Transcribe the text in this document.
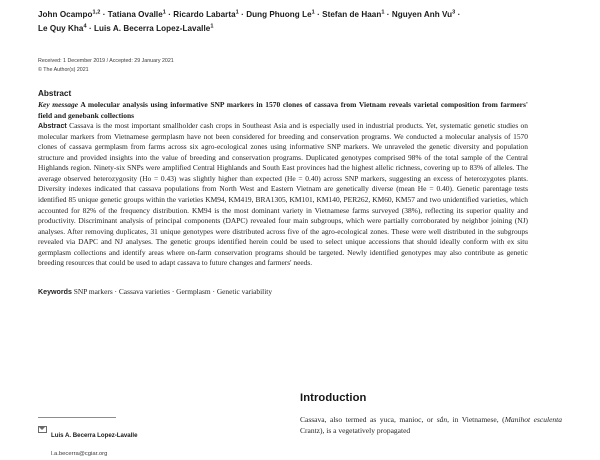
John Ocampo$^{1,2}$ · Tatiana Ovalle$^1$ · Ricardo Labarta$^1$ · Dung Phuong $Le^1$ · Stefan de Haan$^1$ · Nguyen Anh $Vu^3$ ·
Le Quy Kha$^4$ · Luis A. Becerra Lopez-Lavalle$^1$
Received: 1 December 2019 / Accepted: 29 January 2021
© The Author(s) 2021
Abstract

Key message A molecular analysis using informative SNP markers in 1570 clones of cassava from Vietnam reveals varietal composition from farmers' field and genebank collections

Abstract Cassava is the most important smallholder cash crops in Southeast Asia and is especially used in industrial products. Yet, systematic genetic studies on molecular markers from Vietnamese germplasm have not been considered for breeding and conservation programs. We conducted a molecular analysis of 1570 clones of cassava germplasm from farms across six agro-ecological zones using informative SNP markers. We unraveled the genetic diversity and population structure and provided insights into the value of breeding and conservation programs. Duplicated genotypes comprised 98% of the total sample of the Central Highlands region. Ninety-six SNPs were amplified Central Highlands and South East provinces had the highest allelic richness, covering up to 83% of alleles. The average observed heterozygosity (Ho = 0.43) was slightly higher than expected (He = 0.40) across SNP markers, suggesting an excess of heterozygotes plants. Diversity indexes indicated that cassava populations from North West and Eastern Vietnam are genetically diverse (mean He = 0.40). Genetic parentage tests identified 85 unique genetic groups within the varieties KM94, KM419, BRA1305, KM101, KM140, PER262, KM60, KM57 and two unidentified varieties, which accounted for 82% of the frequency distribution. KM94 is the most dominant variety in Vietnamese farms surveyed (38%), reflecting its superior quality and productivity. Discriminant analysis of principal components (DAPC) revealed four main subgroups, which were partially corroborated by neighbor joining (NJ) analyses. After removing duplicates, 31 unique genotypes were distributed across five of the agro-ecological zones. These were well distributed in the subgroups revealed via DAPC and NJ analyses. The genetic groups identified herein could be used to select unique accessions that should ideally conform with ex situ germplasm collections and identify areas where on-farm conservation programs should be targeted. Newly identified genotypes may also contribute as genetic breeding resources that could be used to adapt cassava to future changes and farmers' needs.

Keywords SNP markers · Cassava varieties · Germplasm · Genetic variability
Luis A. Becerra Lopez-Lavalle
l.a.becerra@cgiar.org
Introduction

Cassava, also termed as yuca, manioc, or sắn, in Vietnamese, (Manihot esculenta Crantz), is a vegetatively propagated
